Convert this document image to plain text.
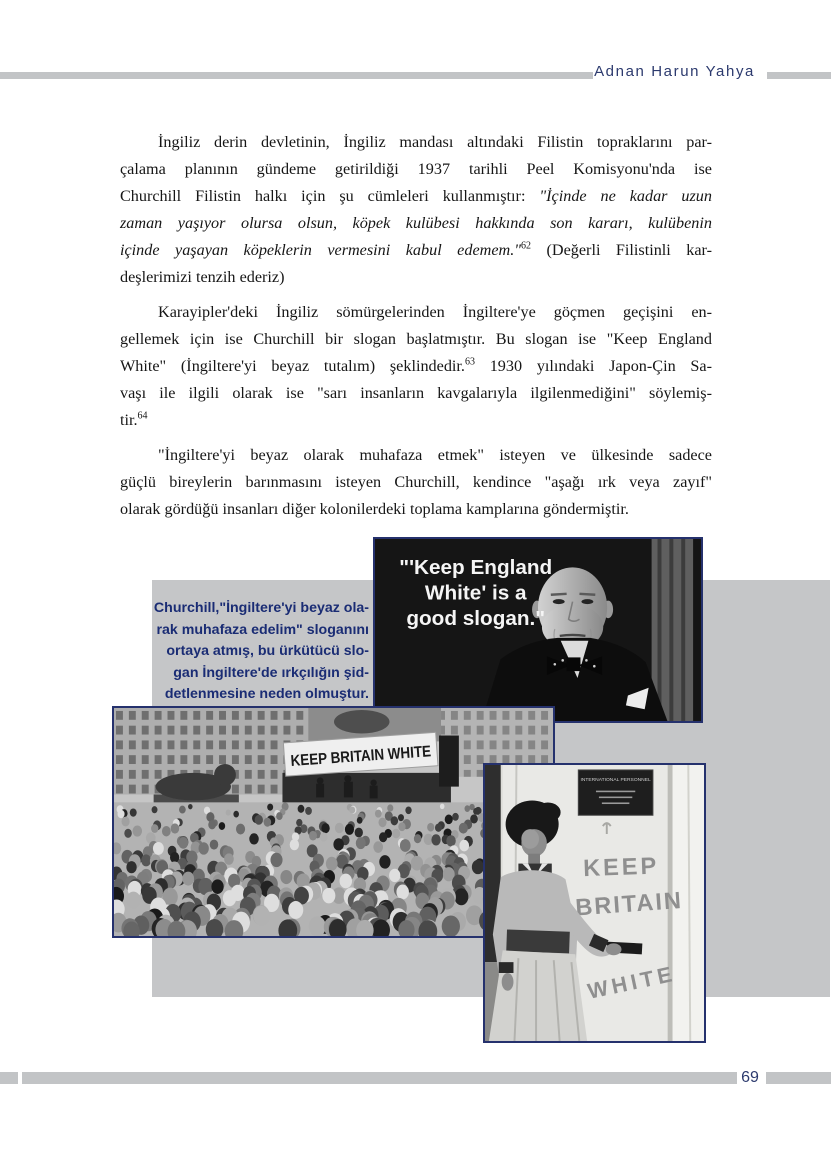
Adnan Harun Yahya
İngiliz derin devletinin, İngiliz mandası altındaki Filistin topraklarını par-
çalama planının gündeme getirildiği 1937 tarihli Peel Komisyonu'nda ise
Churchill Filistin halkı için şu cümleleri kullanmıştır: "İçinde ne kadar uzun
zaman yaşıyor olursa olsun, köpek kulübesi hakkında son kararı, kulübenin
içinde yaşayan köpeklerin vermesini kabul edemem."$^{62}$ (Değerli Filistinli kar-
deşlerimizi tenzih ederiz)
Karayipler'deki İngiliz sömürgelerinden İngiltere'ye göçmen geçişini en-
gellemek için ise Churchill bir slogan başlatmıştır. Bu slogan ise "Keep England
White" (İngiltere'yi beyaz tutalım) şeklindedir.$^{63}$ 1930 yılındaki Japon-Çin Sa-
vaşı ile ilgili olarak ise "sarı insanların kavgalarıyla ilgilenmediğini" söylemiş-
tir.$^{64}$
"İngiltere'yi beyaz olarak muhafaza etmek" isteyen ve ülkesinde sadece
güçlü bireylerin barınmasını isteyen Churchill, kendince "aşağı ırk veya zayıf"
olarak gördüğü insanları diğer kolonilerdeki toplama kamplarına göndermiştir.
Churchill,"İngiltere'yi beyaz ola-
rak muhafaza edelim" sloganını
ortaya atmış, bu ürkütücü slo-
gan İngiltere'de ırkçılığın şid-
detlenmesine neden olmuştur.
"'Keep England
White' is a
good slogan."
KEEP BRITAIN WHITE
INTERNATIONAL PERSONNEL
KEEP
BRITAIN
WHITE
69
